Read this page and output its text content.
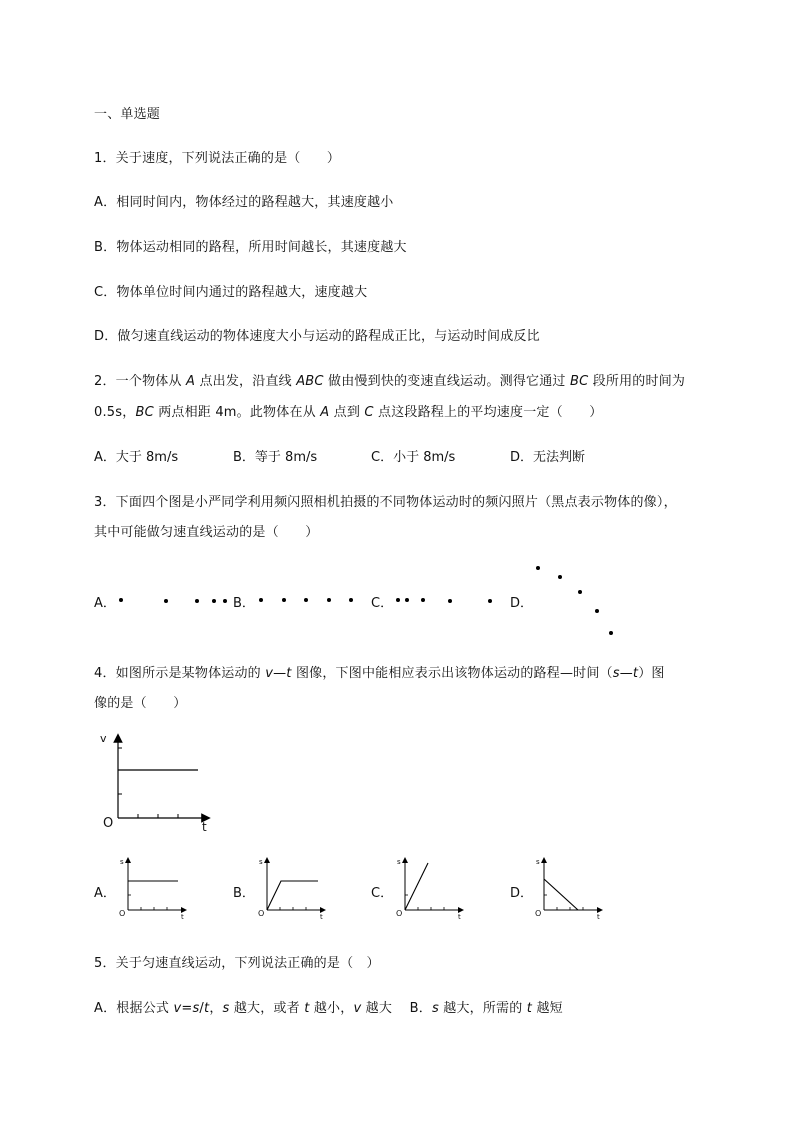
一、单选题
1．关于速度，下列说法正确的是（　　）
A．相同时间内，物体经过的路程越大，其速度越小
B．物体运动相同的路程，所用时间越长，其速度越大
C．物体单位时间内通过的路程越大，速度越大
D．做匀速直线运动的物体速度大小与运动的路程成正比，与运动时间成反比
2．一个物体从 A 点出发，沿直线 ABC 做由慢到快的变速直线运动。测得它通过 BC 段所用的时间为
0.5s，BC 两点相距 4m。此物体在从 A 点到 C 点这段路程上的平均速度一定（　　）
A．大于 8m/s	B．等于 8m/s	C．小于 8m/s	D．无法判断
3．下面四个图是小严同学利用频闪照相机拍摄的不同物体运动时的频闪照片（黑点表示物体的像），
其中可能做匀速直线运动的是（　　）
A．	B．	C．	D．
4．如图所示是某物体运动的 v—t 图像，下图中能相应表示出该物体运动的路程—时间（s—t）图
像的是（　　）
v
t
O
A．	B．	C．	D．
s
t
O
s
t
O
s
t
O
s
t
O
5．关于匀速直线运动，下列说法正确的是（　）
A．根据公式 v=s/t，s 越大，或者 t 越小，v 越大　 B．s 越大，所需的 t 越短
